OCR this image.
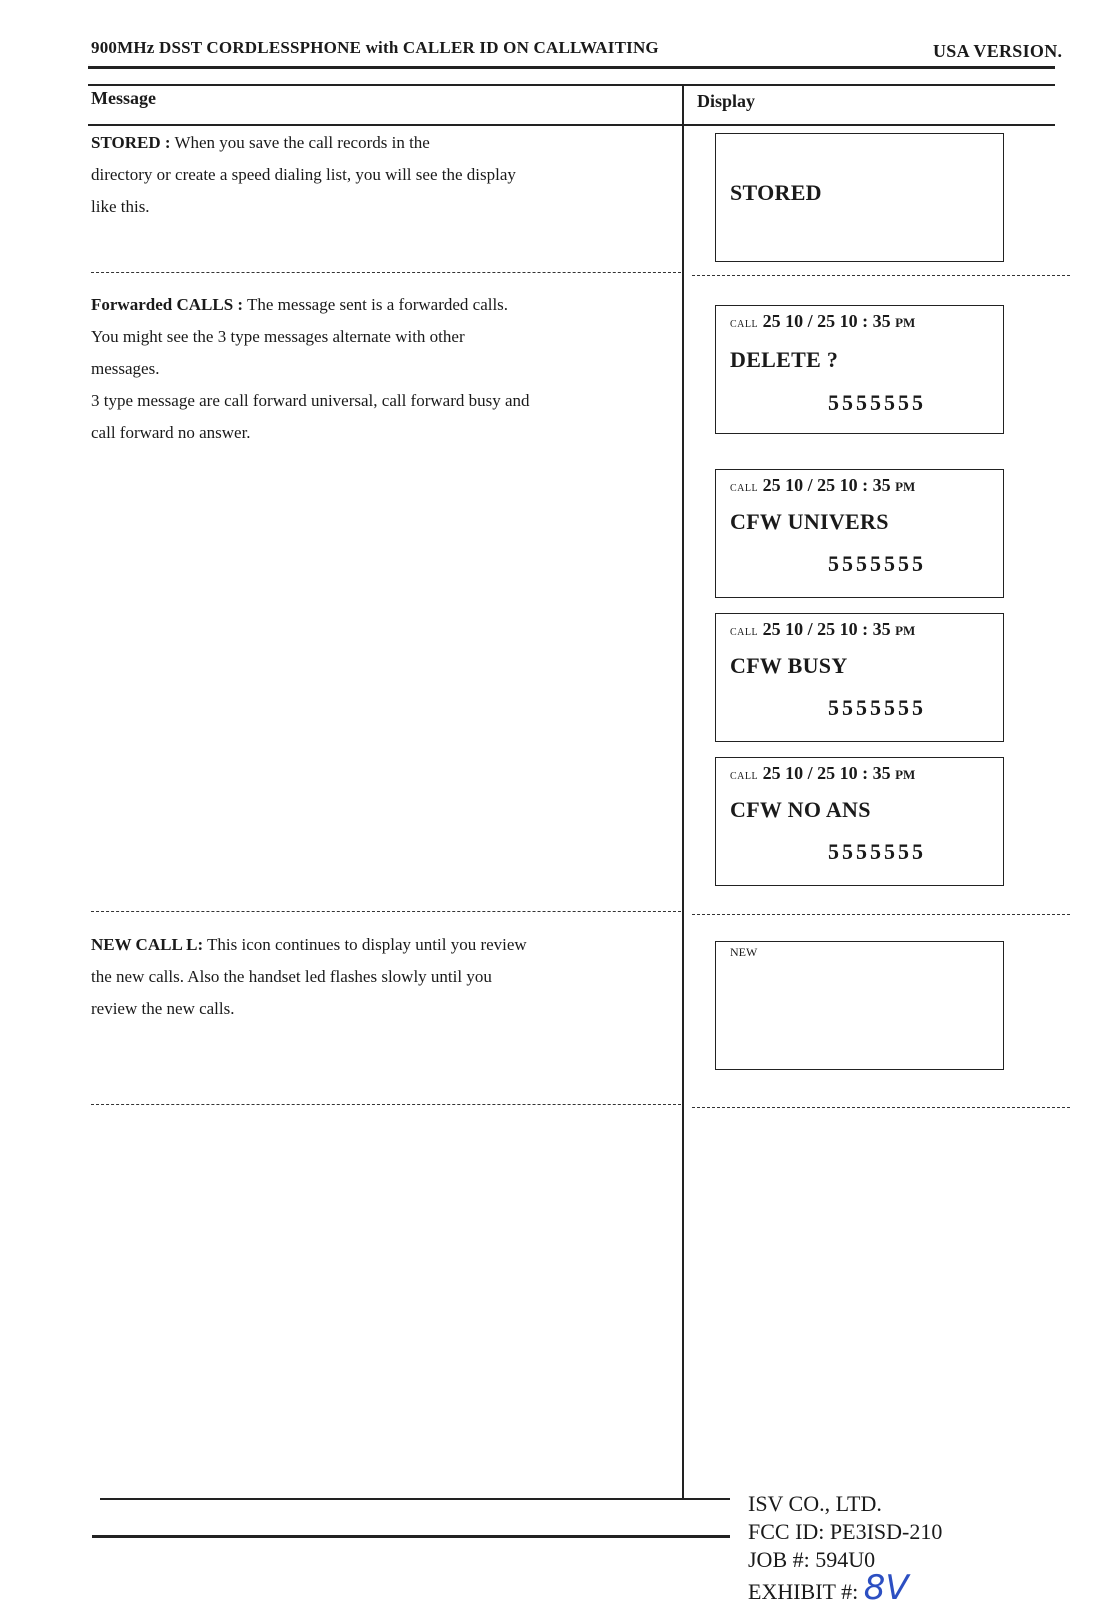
900MHz DSST CORDLESSPHONE with CALLER ID ON CALLWAITING	USA VERSION.
Message	Display
STORED : When you save the call records in the
directory or create a speed dialing list, you will see the display
like this.
STORED
Forwarded CALLS : The message sent is a forwarded calls.
You might see the 3 type messages alternate with other
messages.
3 type message are call forward universal, call forward busy and
call forward no answer.
CALL 25 10 / 25 10 : 35 PM
DELETE ?
5555555
CALL 25 10 / 25 10 : 35 PM
CFW UNIVERS
5555555
CALL 25 10 / 25 10 : 35 PM
CFW BUSY
5555555
CALL 25 10 / 25 10 : 35 PM
CFW NO ANS
5555555
NEW CALL L: This icon continues to display until you review
the new calls. Also the handset led flashes slowly until you
review the new calls.
NEW
ISV CO., LTD.
FCC ID: PE3ISD-210
JOB #: 594U0
EXHIBIT #: 8V
